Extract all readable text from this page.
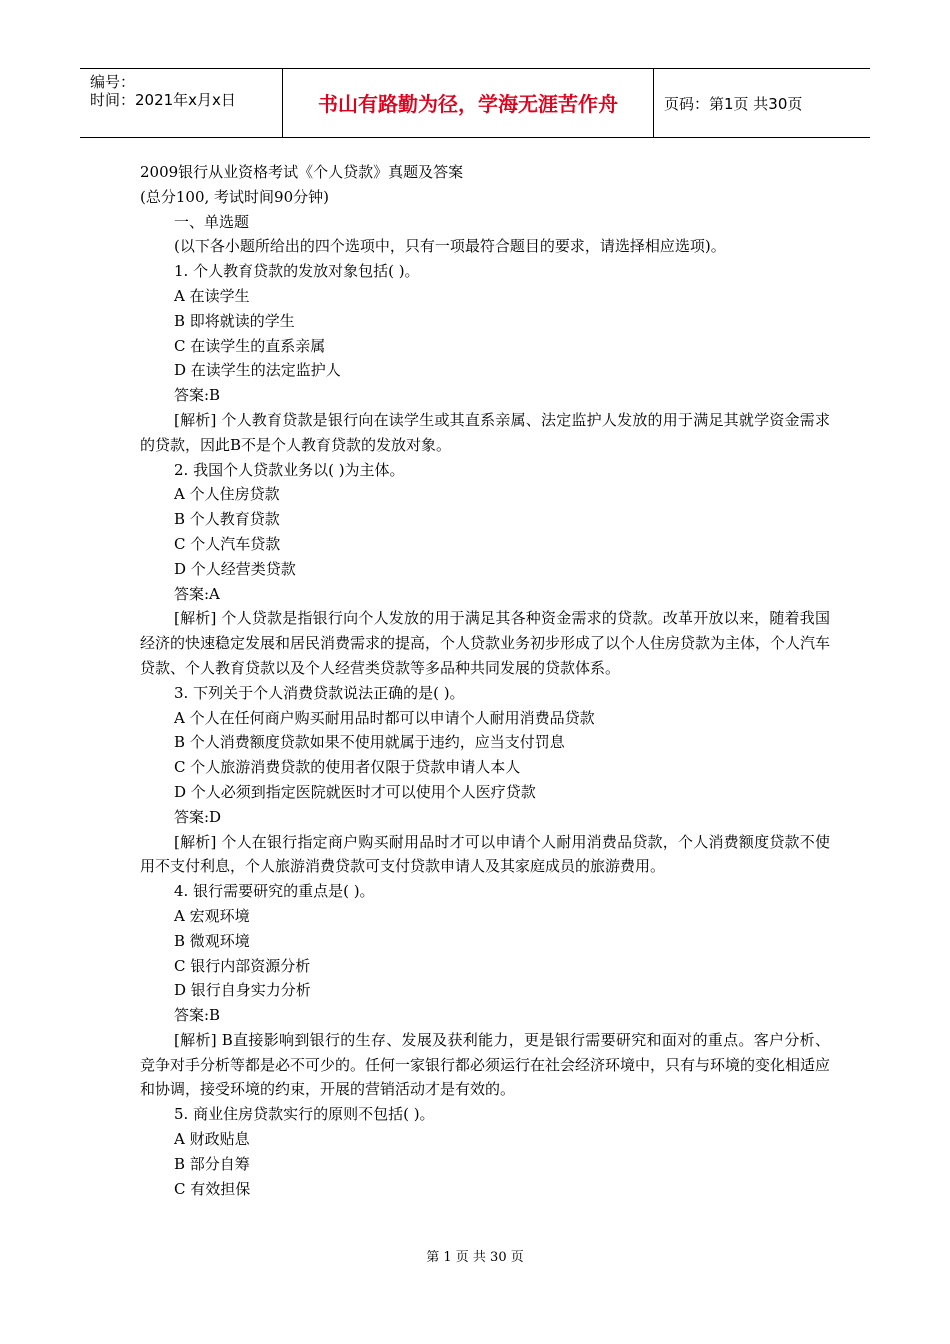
编号：
时间：2021年x月x日	书山有路勤为径，学海无涯苦作舟	页码：第1页 共30页
2009银行从业资格考试《个人贷款》真题及答案
(总分100, 考试时间90分钟)
一、单选题
(以下各小题所给出的四个选项中，只有一项最符合题目的要求，请选择相应选项)。
1. 个人教育贷款的发放对象包括( )。
A 在读学生
B 即将就读的学生
C 在读学生的直系亲属
D 在读学生的法定监护人
答案:B
[解析] 个人教育贷款是银行向在读学生或其直系亲属、法定监护人发放的用于满足其就学资金需求的贷款，因此B不是个人教育贷款的发放对象。
2. 我国个人贷款业务以( )为主体。
A 个人住房贷款
B 个人教育贷款
C 个人汽车贷款
D 个人经营类贷款
答案:A
[解析] 个人贷款是指银行向个人发放的用于满足其各种资金需求的贷款。改革开放以来，随着我国经济的快速稳定发展和居民消费需求的提高，个人贷款业务初步形成了以个人住房贷款为主体，个人汽车贷款、个人教育贷款以及个人经营类贷款等多品种共同发展的贷款体系。
3. 下列关于个人消费贷款说法正确的是( )。
A 个人在任何商户购买耐用品时都可以申请个人耐用消费品贷款
B 个人消费额度贷款如果不使用就属于违约，应当支付罚息
C 个人旅游消费贷款的使用者仅限于贷款申请人本人
D 个人必须到指定医院就医时才可以使用个人医疗贷款
答案:D
[解析] 个人在银行指定商户购买耐用品时才可以申请个人耐用消费品贷款，个人消费额度贷款不使用不支付利息，个人旅游消费贷款可支付贷款申请人及其家庭成员的旅游费用。
4. 银行需要研究的重点是( )。
A 宏观环境
B 微观环境
C 银行内部资源分析
D 银行自身实力分析
答案:B
[解析] B直接影响到银行的生存、发展及获利能力，更是银行需要研究和面对的重点。客户分析、竞争对手分析等都是必不可少的。任何一家银行都必须运行在社会经济环境中，只有与环境的变化相适应和协调，接受环境的约束，开展的营销活动才是有效的。
5. 商业住房贷款实行的原则不包括( )。
A 财政贴息
B 部分自筹
C 有效担保
第 1 页 共 30 页
